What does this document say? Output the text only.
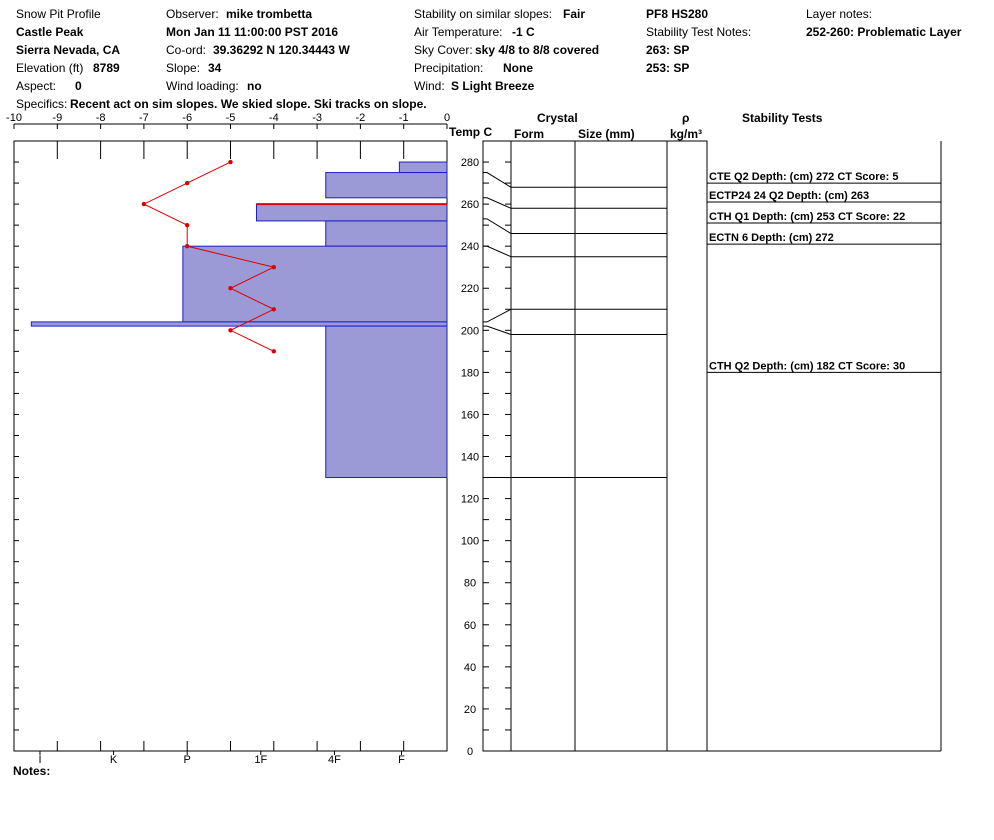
Snow Pit Profile
Castle Peak
Sierra Nevada, CA
Elevation (ft) 8789
Aspect: 0
Specifics: Recent act on sim slopes. We skied slope. Ski tracks on slope.
Observer: mike trombetta
Mon Jan 11 11:00:00 PST 2016
Co-ord: 39.36292 N 120.34443 W
Slope: 34
Wind loading: no
Stability on similar slopes: Fair
Air Temperature: -1 C
Sky Cover: sky 4/8 to 8/8 covered
Precipitation: None
Wind: S Light Breeze
PF8 HS280
Stability Test Notes:
263: SP
253: SP
Layer notes:
252-260: Problematic Layer
Temp C
Crystal
Form	Size (mm)
ρ
kg/m³
Stability Tests
Notes:
-10	-9	-8	-7	-6	-5	-4	-3	-2	-1	0
I	K	P	1F	4F	F
0
20
40
60
80
100
120
140
160
180
200
220
240
260
280
CTE Q2 Depth: (cm) 272 CT Score: 5
ECTP24 24 Q2 Depth: (cm) 263
CTH Q1 Depth: (cm) 253 CT Score: 22
ECTN 6 Depth: (cm) 272
CTH Q2 Depth: (cm) 182 CT Score: 30
